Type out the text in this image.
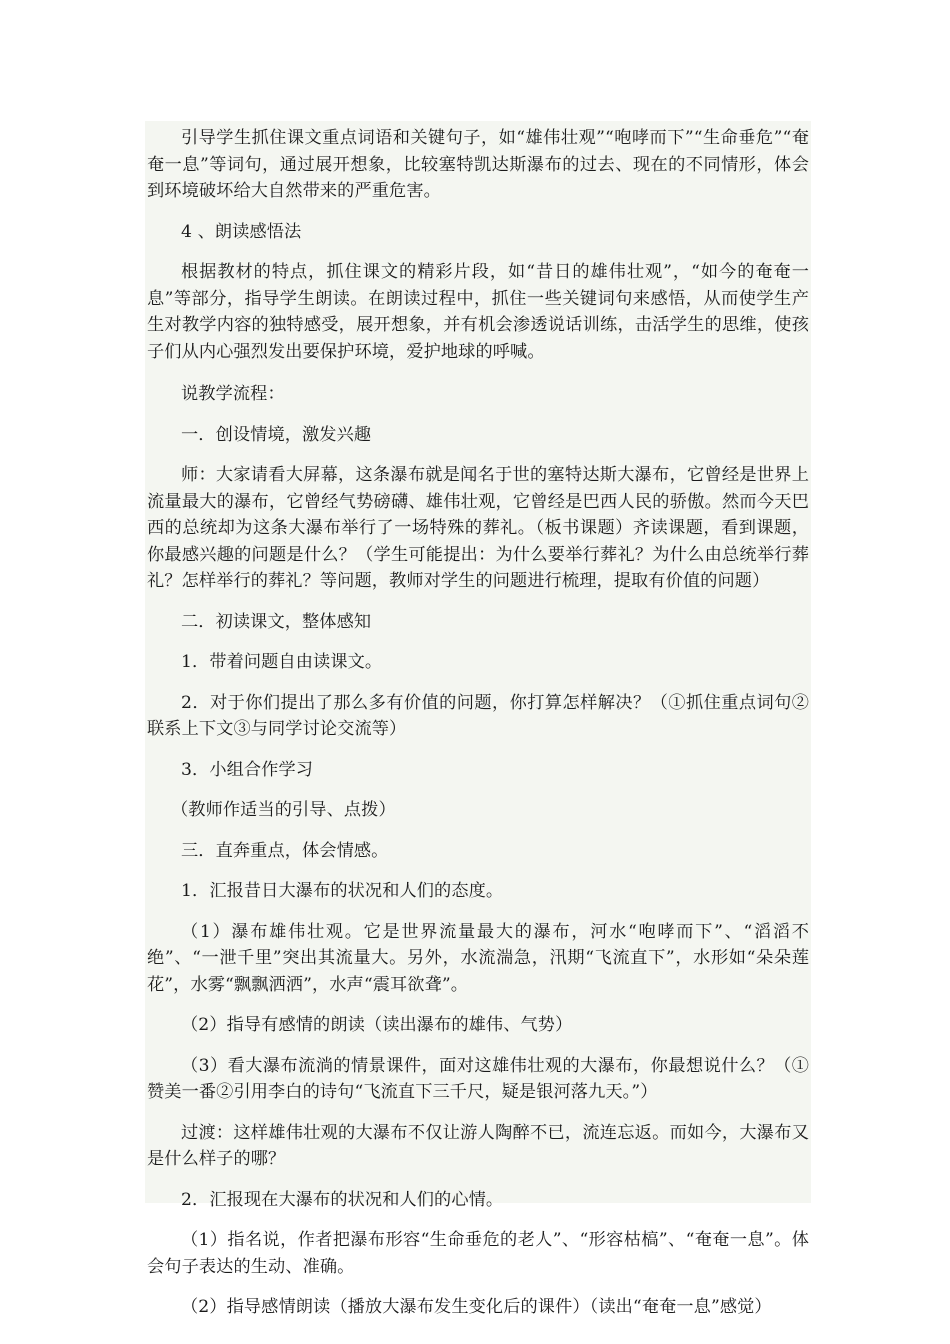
引导学生抓住课文重点词语和关键句子，如“雄伟壮观”“咆哮而下”“生命垂危”“奄奄一息”等词句，通过展开想象，比较塞特凯达斯瀑布的过去、现在的不同情形，体会到环境破坏给大自然带来的严重危害。

4 、朗读感悟法

根据教材的特点，抓住课文的精彩片段，如“昔日的雄伟壮观”，“如今的奄奄一息”等部分，指导学生朗读。在朗读过程中，抓住一些关键词句来感悟，从而使学生产生对教学内容的独特感受，展开想象，并有机会渗透说话训练，击活学生的思维，使孩子们从内心强烈发出要保护环境，爱护地球的呼喊。

说教学流程：

一．创设情境，激发兴趣

师：大家请看大屏幕，这条瀑布就是闻名于世的塞特达斯大瀑布，它曾经是世界上流量最大的瀑布，它曾经气势磅礴、雄伟壮观，它曾经是巴西人民的骄傲。然而今天巴西的总统却为这条大瀑布举行了一场特殊的葬礼。（板书课题）齐读课题，看到课题，你最感兴趣的问题是什么？（学生可能提出：为什么要举行葬礼？为什么由总统举行葬礼？怎样举行的葬礼？等问题，教师对学生的问题进行梳理，提取有价值的问题）

二．初读课文，整体感知

1．带着问题自由读课文。

2．对于你们提出了那么多有价值的问题，你打算怎样解决？（①抓住重点词句②联系上下文③与同学讨论交流等）

3．小组合作学习

（教师作适当的引导、点拨）

三．直奔重点，体会情感。

1．汇报昔日大瀑布的状况和人们的态度。

（1）瀑布雄伟壮观。它是世界流量最大的瀑布，河水“咆哮而下”、“滔滔不绝”、“一泄千里”突出其流量大。另外，水流湍急，汛期“飞流直下”，水形如“朵朵莲花”，水雾“飘飘洒洒”，水声“震耳欲聋”。

（2）指导有感情的朗读（读出瀑布的雄伟、气势）

（3）看大瀑布流淌的情景课件，面对这雄伟壮观的大瀑布，你最想说什么？（①赞美一番②引用李白的诗句“飞流直下三千尺，疑是银河落九天。”）

过渡：这样雄伟壮观的大瀑布不仅让游人陶醉不已，流连忘返。而如今，大瀑布又是什么样子的哪？

2．汇报现在大瀑布的状况和人们的心情。

（1）指名说，作者把瀑布形容“生命垂危的老人”、“形容枯槁”、“奄奄一息”。体会句子表达的生动、准确。

（2）指导感情朗读（播放大瀑布发生变化后的课件）（读出“奄奄一息”感觉）
